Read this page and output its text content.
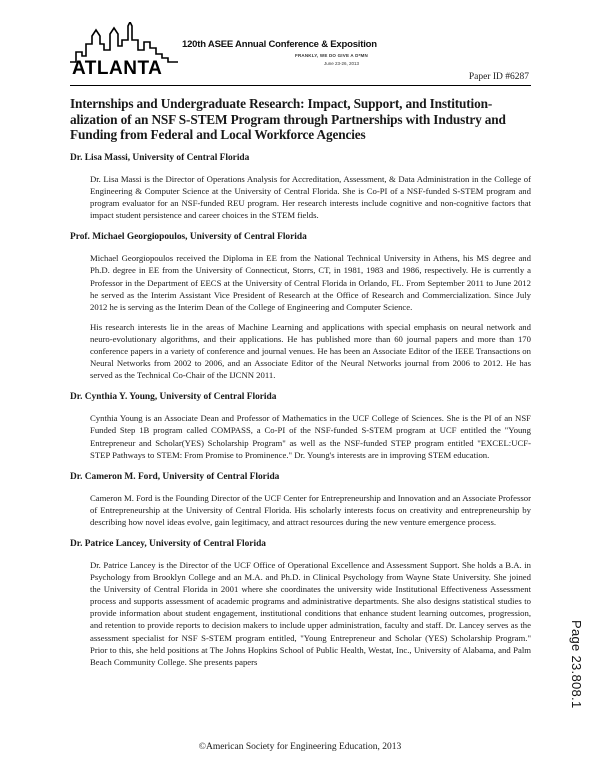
ATLANTA
120th ASEE Annual Conference & Exposition
FRANKLY, WE DO GIVE A D*MN
June 23-26, 2013
Paper ID #6287
Internships and Undergraduate Research: Impact, Support, and Institution-alization of an NSF S-STEM Program through Partnerships with Industry and Funding from Federal and Local Workforce Agencies
Dr. Lisa Massi, University of Central Florida

Dr. Lisa Massi is the Director of Operations Analysis for Accreditation, Assessment, & Data Administration in the College of Engineering & Computer Science at the University of Central Florida. She is Co-PI of a NSF-funded S-STEM program and program evaluator for an NSF-funded REU program. Her research interests include cognitive and non-cognitive factors that impact student persistence and career choices in the STEM fields.

Prof. Michael Georgiopoulos, University of Central Florida

Michael Georgiopoulos received the Diploma in EE from the National Technical University in Athens, his MS degree and Ph.D. degree in EE from the University of Connecticut, Storrs, CT, in 1981, 1983 and 1986, respectively. He is currently a Professor in the Department of EECS at the University of Central Florida in Orlando, FL. From September 2011 to June 2012 he served as the Interim Assistant Vice President of Research at the Office of Research and Commercialization. Since July 2012 he is serving as the Interim Dean of the College of Engineering and Computer Science.

His research interests lie in the areas of Machine Learning and applications with special emphasis on neural network and neuro-evolutionary algorithms, and their applications. He has published more than 60 journal papers and more than 170 conference papers in a variety of conference and journal venues. He has been an Associate Editor of the IEEE Transactions on Neural Networks from 2002 to 2006, and an Associate Editor of the Neural Networks journal from 2006 to 2012. He has served as the Technical Co-Chair of the IJCNN 2011.

Dr. Cynthia Y. Young, University of Central Florida

Cynthia Young is an Associate Dean and Professor of Mathematics in the UCF College of Sciences. She is the PI of an NSF Funded Step 1B program called COMPASS, a Co-PI of the NSF-funded S-STEM program at UCF entitled the "Young Entrepreneur and Scholar(YES) Scholarship Program" as well as the NSF-funded STEP program entitled "EXCEL:UCF-STEP Pathways to STEM: From Promise to Prominence." Dr. Young's interests are in improving STEM education.

Dr. Cameron M. Ford, University of Central Florida

Cameron M. Ford is the Founding Director of the UCF Center for Entrepreneurship and Innovation and an Associate Professor of Entrepreneurship at the University of Central Florida. His scholarly interests focus on creativity and entrepreneurship by describing how novel ideas evolve, gain legitimacy, and attract resources during the new venture emergence process.

Dr. Patrice Lancey, University of Central Florida

Dr. Patrice Lancey is the Director of the UCF Office of Operational Excellence and Assessment Support. She holds a B.A. in Psychology from Brooklyn College and an M.A. and Ph.D. in Clinical Psychology from Wayne State University. She joined the University of Central Florida in 2001 where she coordinates the university wide Institutional Effectiveness Assessment process and supports assessment of academic programs and administrative departments. She also designs statistical studies to provide information about student engagement, institutional conditions that enhance student learning outcomes, progression, and retention to provide reports to decision makers to include upper administration, faculty and staff. Dr. Lancey serves as the assessment specialist for NSF S-STEM program entitled, "Young Entrepreneur and Scholar (YES) Scholarship Program." Prior to this, she held positions at The Johns Hopkins School of Public Health, Westat, Inc., University of Alabama, and Palm Beach Community College. She presents papers	Page 23.808.1
©American Society for Engineering Education, 2013
